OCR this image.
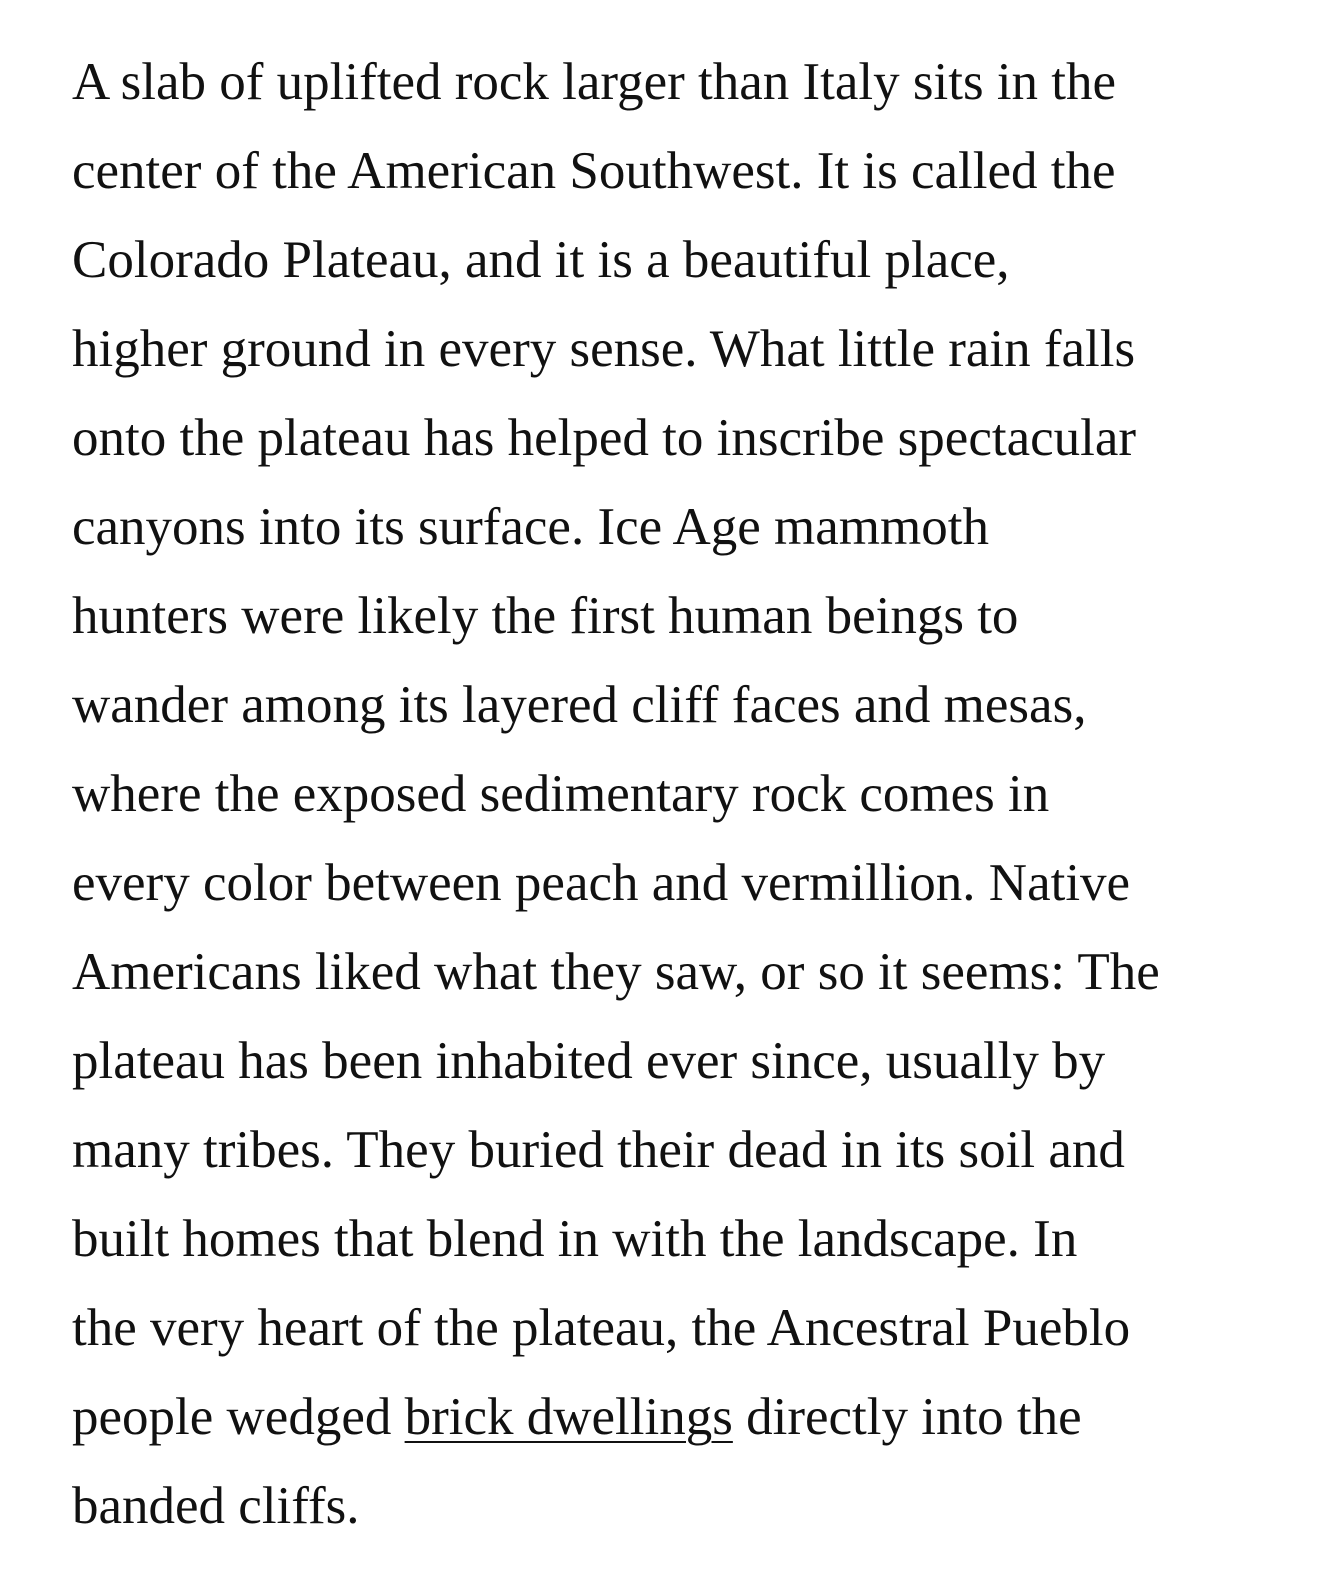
A slab of uplifted rock larger than Italy sits in the
center of the American Southwest. It is called the
Colorado Plateau, and it is a beautiful place,
higher ground in every sense. What little rain falls
onto the plateau has helped to inscribe spectacular
canyons into its surface. Ice Age mammoth
hunters were likely the first human beings to
wander among its layered cliff faces and mesas,
where the exposed sedimentary rock comes in
every color between peach and vermillion. Native
Americans liked what they saw, or so it seems: The
plateau has been inhabited ever since, usually by
many tribes. They buried their dead in its soil and
built homes that blend in with the landscape. In
the very heart of the plateau, the Ancestral Pueblo
people wedged brick dwellings directly into the
banded cliffs.
